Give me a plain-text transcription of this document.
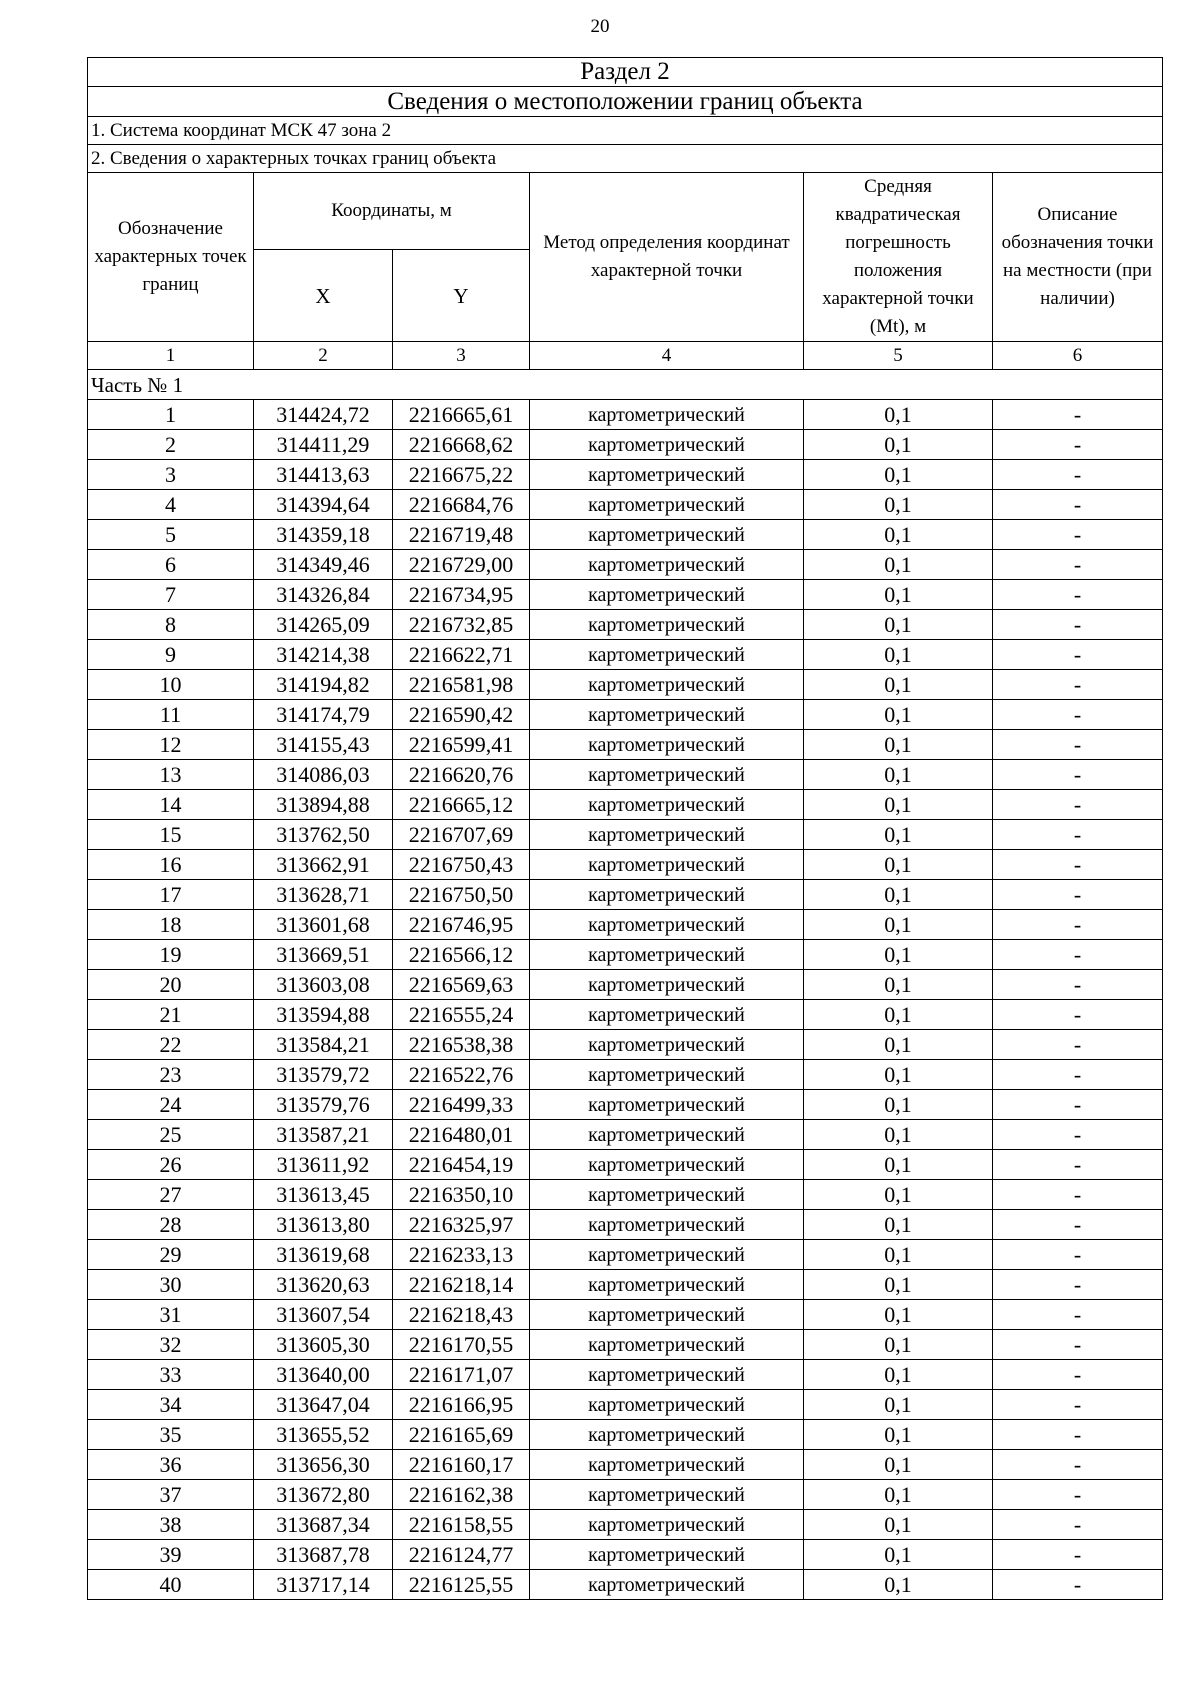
20
Раздел 2					
Сведения о местоположении границ объекта					
1. Система координат МСК 47 зона 2					
2. Сведения о характерных точках границ объекта					
Обозначение характерных точек границ	Координаты, м		Метод определения координат характерной точки	Средняя квадратическая погрешность положения характерной точки (Mt), м	Описание обозначения точки на местности (при наличии)
	X	Y			
1	2	3	4	5	6
Часть № 1					
1	314424,72	2216665,61	картометрический	0,1	-
2	314411,29	2216668,62	картометрический	0,1	-
3	314413,63	2216675,22	картометрический	0,1	-
4	314394,64	2216684,76	картометрический	0,1	-
5	314359,18	2216719,48	картометрический	0,1	-
6	314349,46	2216729,00	картометрический	0,1	-
7	314326,84	2216734,95	картометрический	0,1	-
8	314265,09	2216732,85	картометрический	0,1	-
9	314214,38	2216622,71	картометрический	0,1	-
10	314194,82	2216581,98	картометрический	0,1	-
11	314174,79	2216590,42	картометрический	0,1	-
12	314155,43	2216599,41	картометрический	0,1	-
13	314086,03	2216620,76	картометрический	0,1	-
14	313894,88	2216665,12	картометрический	0,1	-
15	313762,50	2216707,69	картометрический	0,1	-
16	313662,91	2216750,43	картометрический	0,1	-
17	313628,71	2216750,50	картометрический	0,1	-
18	313601,68	2216746,95	картометрический	0,1	-
19	313669,51	2216566,12	картометрический	0,1	-
20	313603,08	2216569,63	картометрический	0,1	-
21	313594,88	2216555,24	картометрический	0,1	-
22	313584,21	2216538,38	картометрический	0,1	-
23	313579,72	2216522,76	картометрический	0,1	-
24	313579,76	2216499,33	картометрический	0,1	-
25	313587,21	2216480,01	картометрический	0,1	-
26	313611,92	2216454,19	картометрический	0,1	-
27	313613,45	2216350,10	картометрический	0,1	-
28	313613,80	2216325,97	картометрический	0,1	-
29	313619,68	2216233,13	картометрический	0,1	-
30	313620,63	2216218,14	картометрический	0,1	-
31	313607,54	2216218,43	картометрический	0,1	-
32	313605,30	2216170,55	картометрический	0,1	-
33	313640,00	2216171,07	картометрический	0,1	-
34	313647,04	2216166,95	картометрический	0,1	-
35	313655,52	2216165,69	картометрический	0,1	-
36	313656,30	2216160,17	картометрический	0,1	-
37	313672,80	2216162,38	картометрический	0,1	-
38	313687,34	2216158,55	картометрический	0,1	-
39	313687,78	2216124,77	картометрический	0,1	-
40	313717,14	2216125,55	картометрический	0,1	-
